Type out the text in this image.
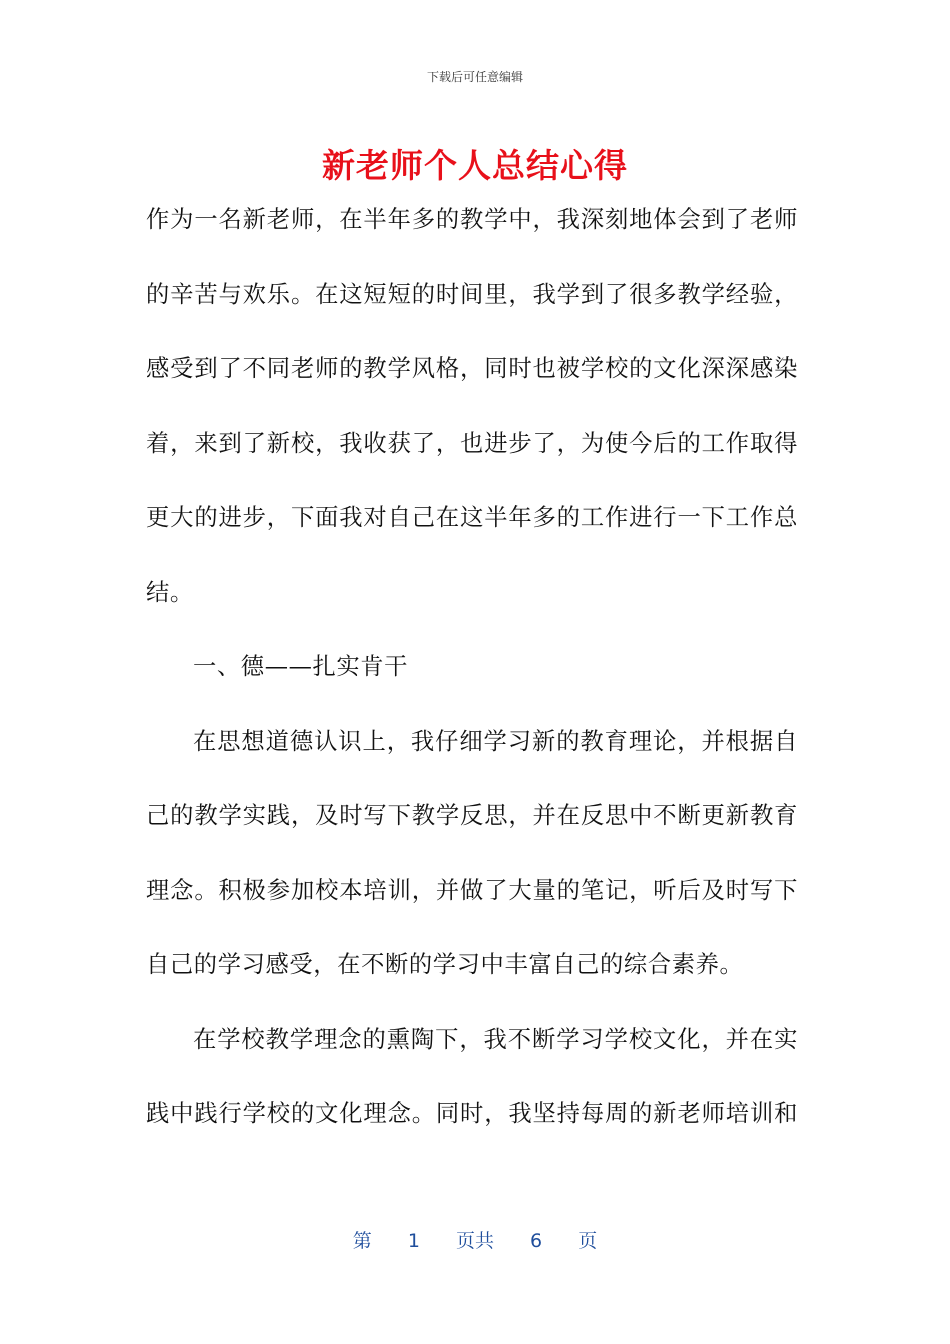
下载后可任意编辑
新老师个人总结心得
作为一名新老师，在半年多的教学中，我深刻地体会到了老师
的辛苦与欢乐。在这短短的时间里，我学到了很多教学经验，
感受到了不同老师的教学风格，同时也被学校的文化深深感染
着，来到了新校，我收获了，也进步了，为使今后的工作取得
更大的进步，下面我对自己在这半年多的工作进行一下工作总
结。
一、德——扎实肯干
在思想道德认识上，我仔细学习新的教育理论，并根据自
己的教学实践，及时写下教学反思，并在反思中不断更新教育
理念。积极参加校本培训，并做了大量的笔记，听后及时写下
自己的学习感受，在不断的学习中丰富自己的综合素养。
在学校教学理念的熏陶下，我不断学习学校文化，并在实
践中践行学校的文化理念。同时，我坚持每周的新老师培训和
第 1 页共 6 页
